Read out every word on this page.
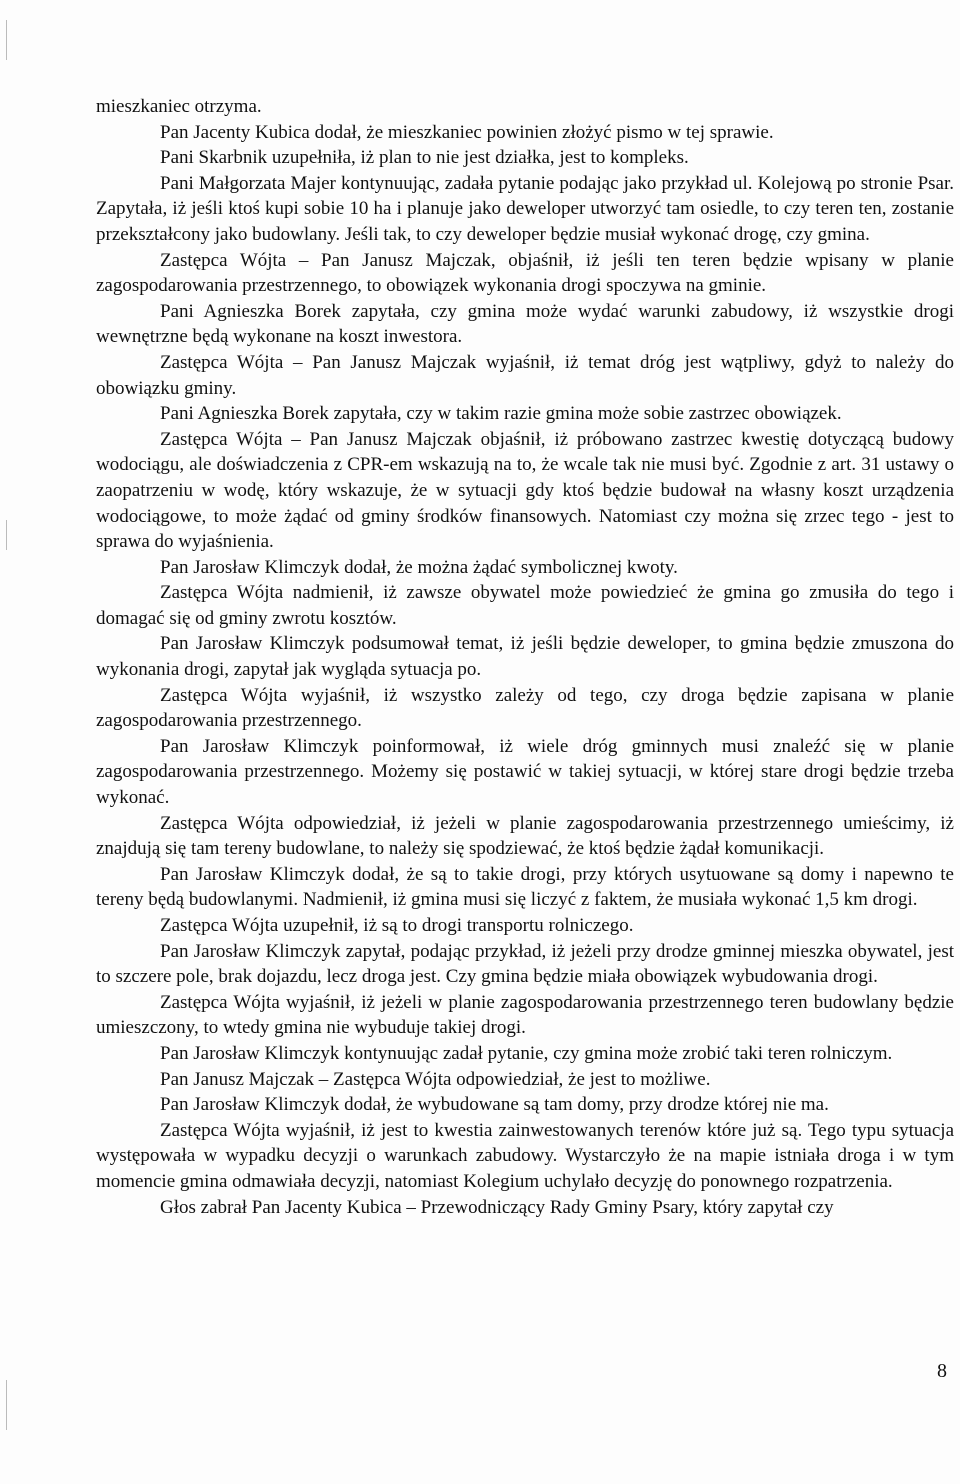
mieszkaniec otrzyma.

Pan Jacenty Kubica dodał, że mieszkaniec powinien złożyć pismo w tej sprawie.

Pani Skarbnik uzupełniła, iż plan to nie jest działka, jest to kompleks.

Pani Małgorzata Majer kontynuując, zadała pytanie podając jako przykład ul. Kolejową po stronie Psar. Zapytała, iż jeśli ktoś kupi sobie 10 ha i planuje jako deweloper utworzyć tam osiedle, to czy teren ten, zostanie przekształcony jako budowlany. Jeśli tak, to czy deweloper będzie musiał wykonać drogę, czy gmina.

Zastępca Wójta – Pan Janusz Majczak, objaśnił, iż jeśli ten teren będzie wpisany w planie zagospodarowania przestrzennego, to obowiązek wykonania drogi spoczywa na gminie.

Pani Agnieszka Borek zapytała, czy gmina może wydać warunki zabudowy, iż wszystkie drogi wewnętrzne będą wykonane na koszt inwestora.

Zastępca Wójta – Pan Janusz Majczak wyjaśnił, iż temat dróg jest wątpliwy, gdyż to należy do obowiązku gminy.

Pani Agnieszka Borek zapytała, czy w takim razie gmina może sobie zastrzec obowiązek.

Zastępca Wójta – Pan Janusz Majczak objaśnił, iż próbowano zastrzec kwestię dotyczącą budowy wodociągu, ale doświadczenia z CPR-em wskazują na to, że wcale tak nie musi być. Zgodnie z art. 31 ustawy o zaopatrzeniu w wodę, który wskazuje, że w sytuacji gdy ktoś będzie budował na własny koszt urządzenia wodociągowe, to może żądać od gminy środków finansowych. Natomiast czy można się zrzec tego - jest to sprawa do wyjaśnienia.

Pan Jarosław Klimczyk dodał, że można żądać symbolicznej kwoty.

Zastępca Wójta nadmienił, iż zawsze obywatel może powiedzieć że gmina go zmusiła do tego i domagać się od gminy zwrotu kosztów.

Pan Jarosław Klimczyk podsumował temat, iż jeśli będzie deweloper, to gmina będzie zmuszona do wykonania drogi, zapytał jak wygląda sytuacja po.

Zastępca Wójta wyjaśnił, iż wszystko zależy od tego, czy droga będzie zapisana w planie zagospodarowania przestrzennego.

Pan Jarosław Klimczyk poinformował, iż wiele dróg gminnych musi znaleźć się w planie zagospodarowania przestrzennego. Możemy się postawić w takiej sytuacji, w której stare drogi będzie trzeba wykonać.

Zastępca Wójta odpowiedział, iż jeżeli w planie zagospodarowania przestrzennego umieścimy, iż znajdują się tam tereny budowlane, to należy się spodziewać, że ktoś będzie żądał komunikacji.

Pan Jarosław Klimczyk dodał, że są to takie drogi, przy których usytuowane są domy i napewno te tereny będą budowlanymi. Nadmienił, iż gmina musi się liczyć z faktem, że musiała wykonać 1,5 km drogi.

Zastępca Wójta uzupełnił, iż są to drogi transportu rolniczego.

Pan Jarosław Klimczyk zapytał, podając przykład, iż jeżeli przy drodze gminnej mieszka obywatel, jest to szczere pole, brak dojazdu, lecz droga jest. Czy gmina będzie miała obowiązek wybudowania drogi.

Zastępca Wójta wyjaśnił, iż jeżeli w planie zagospodarowania przestrzennego teren budowlany będzie umieszczony, to wtedy gmina nie wybuduje takiej drogi.

Pan Jarosław Klimczyk kontynuując zadał pytanie, czy gmina może zrobić taki teren rolniczym.

Pan Janusz Majczak – Zastępca Wójta odpowiedział, że jest to możliwe.

Pan Jarosław Klimczyk dodał, że wybudowane są tam domy, przy drodze której nie ma.

Zastępca Wójta wyjaśnił, iż jest to kwestia zainwestowanych terenów które już są. Tego typu sytuacja występowała w wypadku decyzji o warunkach zabudowy. Wystarczyło że na mapie istniała droga i w tym momencie gmina odmawiała decyzji, natomiast Kolegium uchylało decyzję do ponownego rozpatrzenia.

Głos zabrał Pan Jacenty Kubica – Przewodniczący Rady Gminy Psary, który zapytał czy

8
